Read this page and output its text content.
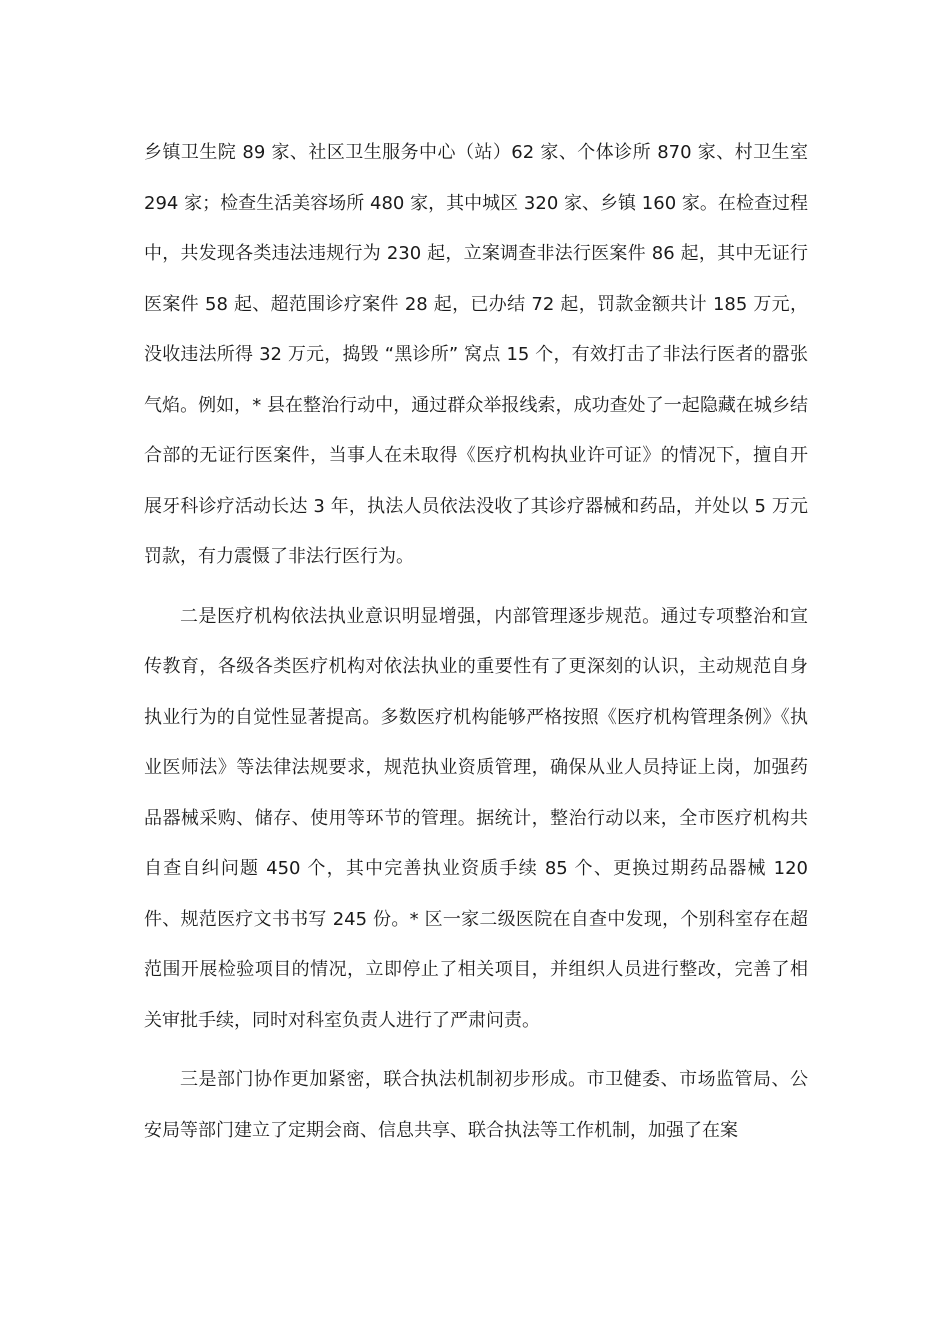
乡镇卫生院 89 家、社区卫生服务中心（站）62 家、个体诊所 870 家、村卫生室 294 家；检查生活美容场所 480 家，其中城区 320 家、乡镇 160 家。在检查过程中，共发现各类违法违规行为 230 起，立案调查非法行医案件 86 起，其中无证行医案件 58 起、超范围诊疗案件 28 起，已办结 72 起，罚款金额共计 185 万元，没收违法所得 32 万元，捣毁 “黑诊所” 窝点 15 个，有效打击了非法行医者的嚣张气焰。例如，* 县在整治行动中，通过群众举报线索，成功查处了一起隐藏在城乡结合部的无证行医案件，当事人在未取得《医疗机构执业许可证》的情况下，擅自开展牙科诊疗活动长达 3 年，执法人员依法没收了其诊疗器械和药品，并处以 5 万元罚款，有力震慑了非法行医行为。

二是医疗机构依法执业意识明显增强，内部管理逐步规范。通过专项整治和宣传教育，各级各类医疗机构对依法执业的重要性有了更深刻的认识，主动规范自身执业行为的自觉性显著提高。多数医疗机构能够严格按照《医疗机构管理条例》《执业医师法》等法律法规要求，规范执业资质管理，确保从业人员持证上岗，加强药品器械采购、储存、使用等环节的管理。据统计，整治行动以来，全市医疗机构共自查自纠问题 450 个，其中完善执业资质手续 85 个、更换过期药品器械 120 件、规范医疗文书书写 245 份。* 区一家二级医院在自查中发现，个别科室存在超范围开展检验项目的情况，立即停止了相关项目，并组织人员进行整改，完善了相关审批手续，同时对科室负责人进行了严肃问责。

三是部门协作更加紧密，联合执法机制初步形成。市卫健委、市场监管局、公安局等部门建立了定期会商、信息共享、联合执法等工作机制，加强了在案
